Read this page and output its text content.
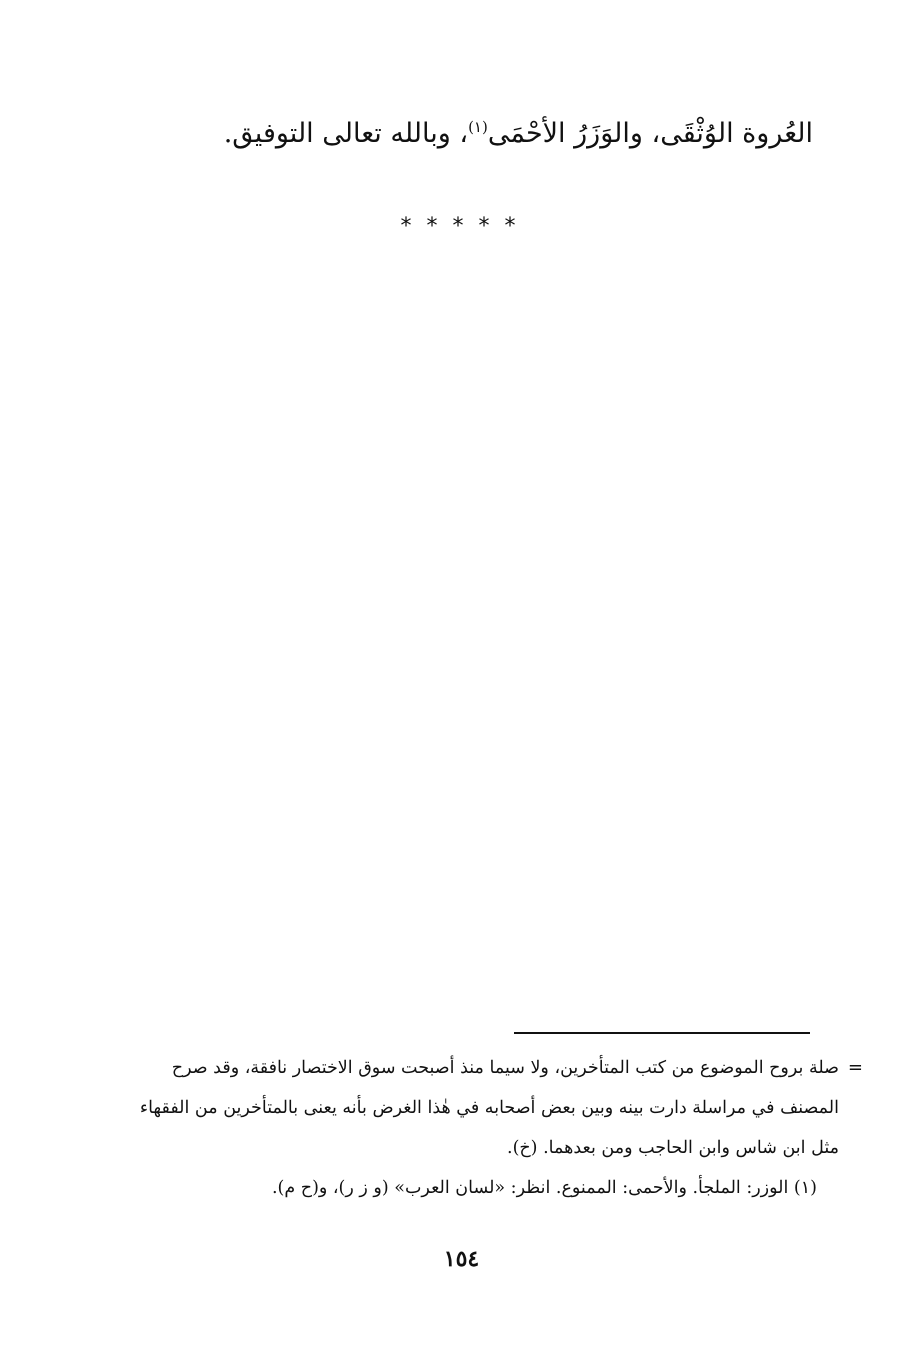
العُروة الوُثْقَى، والوَزَرُ الأحْمَى$^{(١)}$، وبالله تعالى التوفيق.
* * * * *
=
صلة بروح الموضوع من كتب المتأخرين، ولا سيما منذ أصبحت سوق الاختصار نافقة، وقد صرح
المصنف في مراسلة دارت بينه وبين بعض أصحابه في هٰذا الغرض بأنه يعنى بالمتأخرين من الفقهاء
مثل ابن شاس وابن الحاجب ومن بعدهما. (خ).
(١) الوزر: الملجأ. والأحمى: الممنوع. انظر: «لسان العرب» (و ز ر)، و(ح م).
١٥٤
